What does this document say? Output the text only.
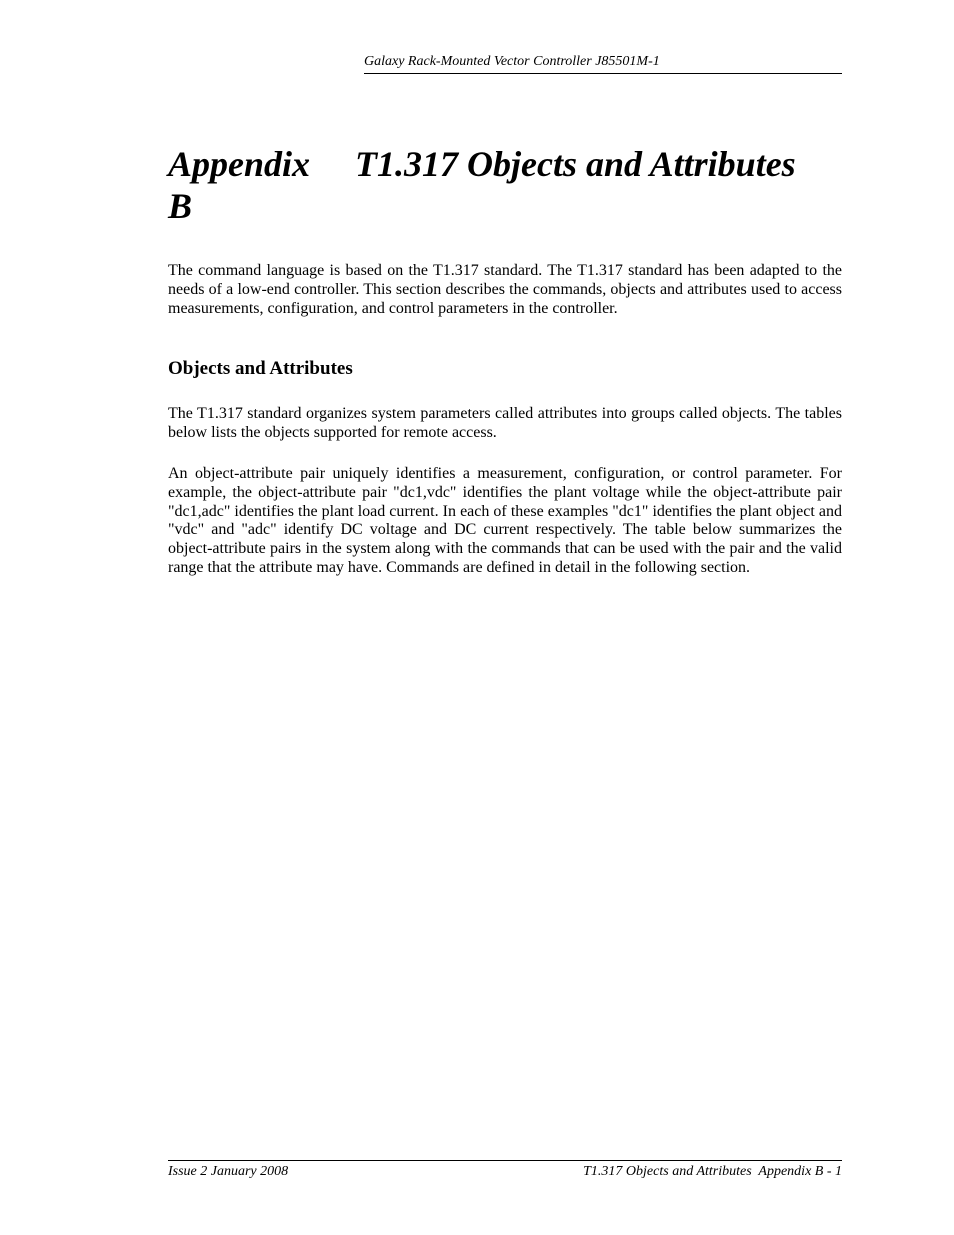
Galaxy Rack-Mounted Vector Controller J85501M-1
Appendix B
T1.317 Objects and Attributes

The command language is based on the T1.317 standard. The T1.317 standard has been adapted to the needs of a low-end controller. This section describes the commands, objects and attributes used to access measurements, configuration, and control parameters in the controller.

Objects and Attributes

The T1.317 standard organizes system parameters called attributes into groups called objects. The tables below lists the objects supported for remote access.

An object-attribute pair uniquely identifies a measurement, configuration, or control parameter. For example, the object-attribute pair "dc1,vdc" identifies the plant voltage while the object-attribute pair "dc1,adc" identifies the plant load current. In each of these examples "dc1" identifies the plant object and "vdc" and "adc" identify DC voltage and DC current respectively. The table below summarizes the object-attribute pairs in the system along with the commands that can be used with the pair and the valid range that the attribute may have. Commands are defined in detail in the following section.

Issue 2 January 2008	T1.317 Objects and Attributes  Appendix B - 1
